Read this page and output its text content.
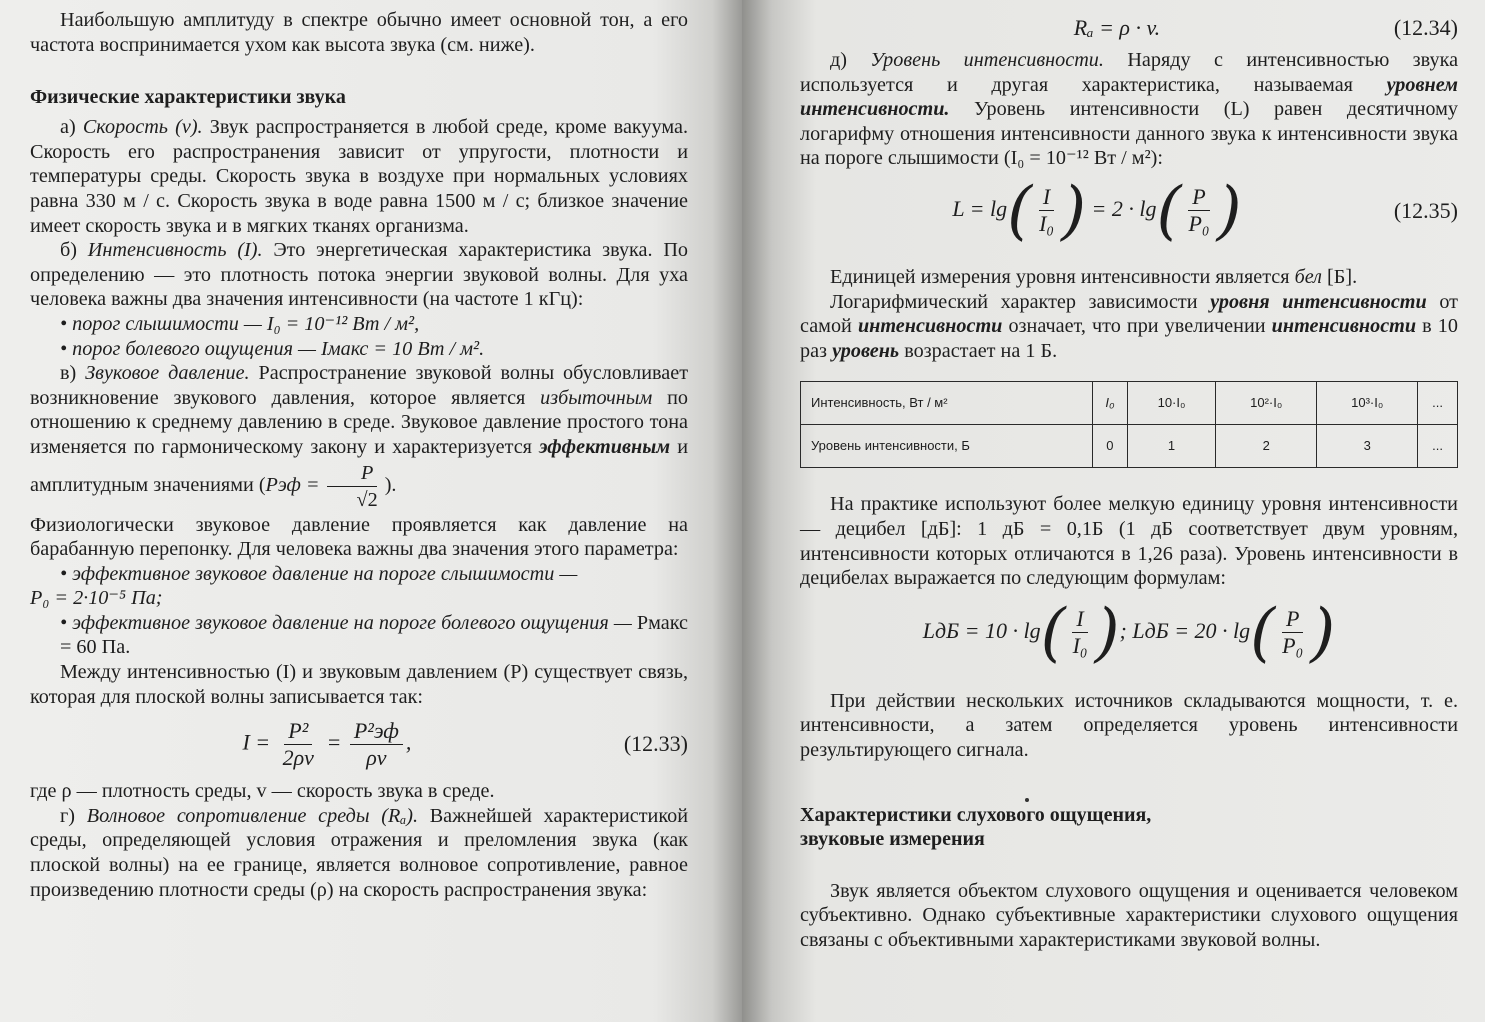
Наибольшую амплитуду в спектре обычно имеет основной тон, а его частота воспринимается ухом как высота звука (см. ниже).

Физические характеристики звука

а) Скорость (v). Звук распространяется в любой среде, кроме вакуума. Скорость его распространения зависит от упругости, плотности и температуры среды. Скорость звука в воздухе при нормальных условиях равна 330 м / с. Скорость звука в воде равна 1500 м / с; близкое значение имеет скорость звука и в мягких тканях организма.

б) Интенсивность (I). Это энергетическая характеристика звука. По определению — это плотность потока энергии звуковой волны. Для уха человека важны два значения интенсивности (на частоте 1 кГц):

• порог слышимости — I₀ = 10⁻¹² Вт / м²,

• порог болевого ощущения — Iмакс = 10 Вт / м².

в) Звуковое давление. Распространение звуковой волны обусловливает возникновение звукового давления, которое является избыточным по отношению к среднему давлению в среде. Звуковое давление простого тона изменяется по гармоническому закону и характеризуется эффективным и амплитудным значениями ($Pэф = \frac{P}{√2}$ ).

Физиологически звуковое давление проявляется как давление на барабанную перепонку. Для человека важны два значения этого параметра:

• эффективное звуковое давление на пороге слышимости —
P₀ = 2·10⁻⁵ Па;

• эффективное звуковое давление на пороге болевого ощущения — Pмакс = 60 Па.

Между интенсивностью (I) и звуковым давлением (P) существует связь, которая для плоской волны записывается так:

$I = \frac{\text{P²}}{2\rho v} = \frac{\text{P²эф}}{\rho v}$ ,	(12.33)

где ρ — плотность среды, v — скорость звука в среде.

г) Волновое сопротивление среды (Rₐ). Важнейшей характеристикой среды, определяющей условия отражения и преломления звука (как плоской волны) на ее границе, является волновое сопротивление, равное произведению плотности среды (ρ) на скорость распространения звука:

Rₐ = ρ · v.	(12.34)

д) Уровень интенсивности. Наряду с интенсивностью звука используется и другая характеристика, называемая уровнем интенсивности. Уровень интенсивности (L) равен десятичному логарифму отношения интенсивности данного звука к интенсивности звука на пороге слышимости (I₀ = 10⁻¹² Вт / м²):

$L = \lg( \frac{I}{\text{I₀}}$ ) = $2 \cdot \lg( \frac{P}{\text{P₀}}$ )	(12.35)

Единицей измерения уровня интенсивности является бел [Б].

Логарифмический характер зависимости уровня интенсивности от самой интенсивности означает, что при увеличении интенсивности в 10 раз уровень возрастает на 1 Б.

Интенсивность, Вт / м²	I₀	10·I₀	10²·I₀	10³·I₀	...
Уровень интенсивности, Б	0	1	2	3	...

На практике используют более мелкую единицу уровня интенсивности — децибел [дБ]: 1 дБ = 0,1Б (1 дБ соответствует двум уровням, интенсивности которых отличаются в 1,26 раза). Уровень интенсивности в децибелах выражается по следующим формулам:

LдБ = $10 \cdot \lg( \frac{I}{\text{I₀}}$ ); LдБ = $20 \cdot \lg( \frac{P}{\text{P₀}}$ )

При действии нескольких источников складываются мощности, т. е. интенсивности, а затем определяется уровень интенсивности результирующего сигнала.

Характеристики слухового ощущения,
звуковые измерения

Звук является объектом слухового ощущения и оценивается человеком субъективно. Однако субъективные характеристики слухового ощущения связаны с объективными характеристиками звуковой волны.
